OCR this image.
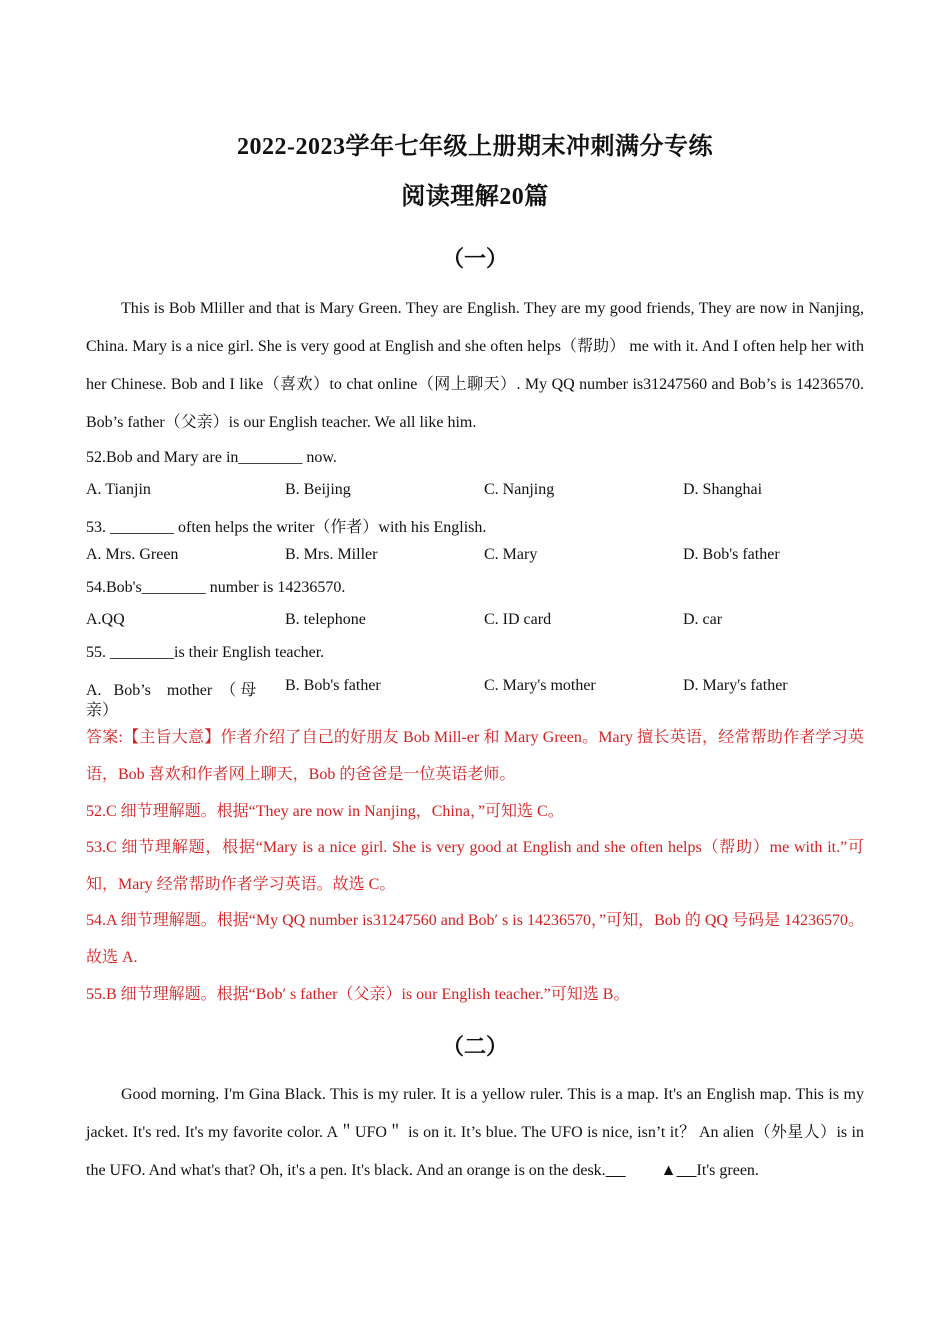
2022-2023学年七年级上册期末冲刺满分专练
阅读理解20篇
（一）

This is Bob Mliller and that is Mary Green. They are English. They are my good friends, They are now in Nanjing, China. Mary is a nice girl. She is very good at English and she often helps（帮助） me with it. And I often help her with her Chinese. Bob and I like（喜欢）to chat online（网上聊天）. My QQ number is31247560 and Bob’s is 14236570. Bob’s father（父亲）is our English teacher. We all like him.

52.Bob and Mary are in________ now.
A. Tianjin	B. Beijing	C. Nanjing	D. Shanghai
53. ________ often helps the writer（作者）with his English.
A. Mrs. Green	B. Mrs. Miller	C. Mary	D. Bob's father
54.Bob's________ number is 14236570.
A.QQ	B. telephone	C. ID card	D. car
55. ________is their English teacher.
A.   Bob’s    mother  （ 母 B. Bob's father	C. Mary's mother	D. Mary's father
亲）

答案:【主旨大意】作者介绍了自己的好朋友 Bob Mill-er 和 Mary Green。Mary 擅长英语，经常帮助作者学习英语，Bob 喜欢和作者网上聊天，Bob 的爸爸是一位英语老师。

52.C 细节理解题。根据“They are now in Nanjing，China，”可知选 C。

53.C 细节理解题，根据“Mary is a nice girl. She is very good at English and she often helps（帮助）me with it.”可知，Mary 经常帮助作者学习英语。故选 C。

54.A 细节理解题。根据“My QQ number is31247560 and Bob′ s is 14236570，”可知，Bob 的 QQ 号码是 14236570。故选 A.

55.B 细节理解题。根据“Bob′ s father（父亲）is our English teacher.”可知选 B。

（二）

Good morning. I'm Gina Black. This is my ruler. It is a yellow ruler. This is a map. It's an English map. This is my jacket. It's red. It's my favorite color. A＂UFO＂ is on it. It’s blue. The UFO is nice, isn’t it？ An alien（外星人）is in the UFO. And what's that? Oh, it's a pen. It's black. And an orange is on the desk.	▲ It's green.
